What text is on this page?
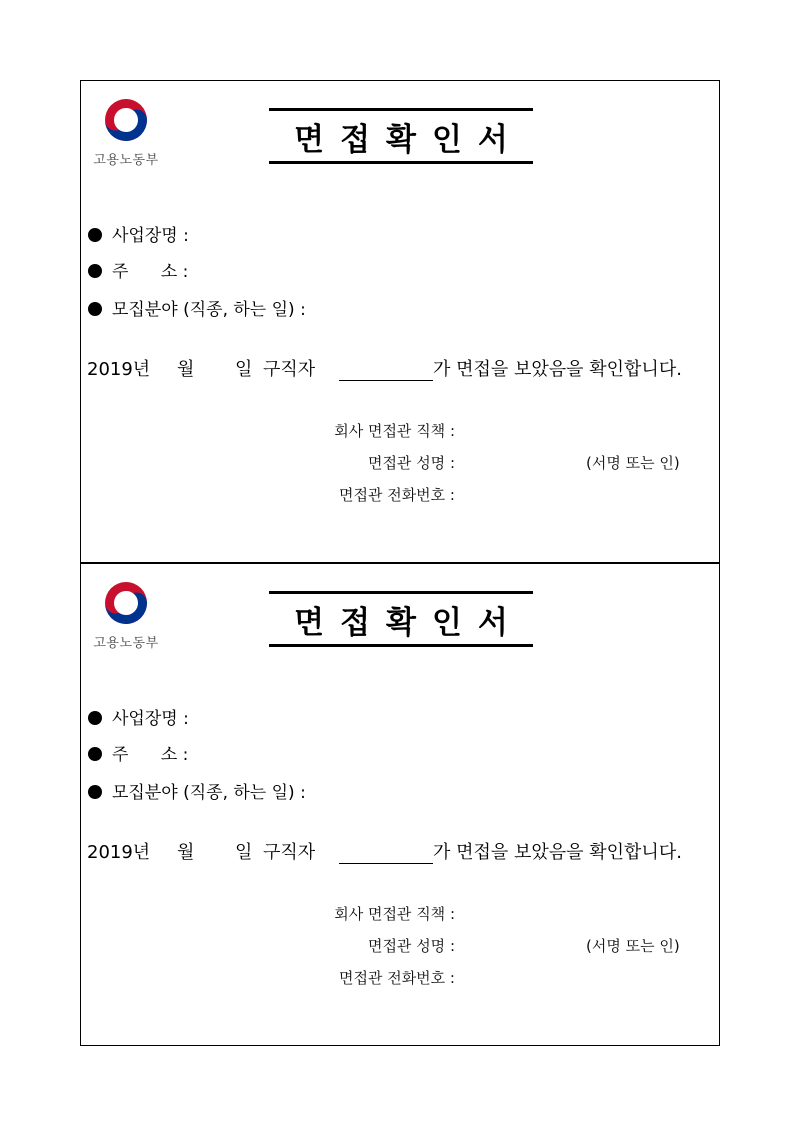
고용노동부
면접확인서
사업장명 :
주      소 :
모집분야 (직종, 하는 일) :
2019년 월 일 구직자	가 면접을 보았음을 확인합니다.
회사 면접관 직책 :
면접관 성명 :	(서명 또는 인)
면접관 전화번호 :
고용노동부
면접확인서
사업장명 :
주      소 :
모집분야 (직종, 하는 일) :
2019년 월 일 구직자	가 면접을 보았음을 확인합니다.
회사 면접관 직책 :
면접관 성명 :	(서명 또는 인)
면접관 전화번호 :
